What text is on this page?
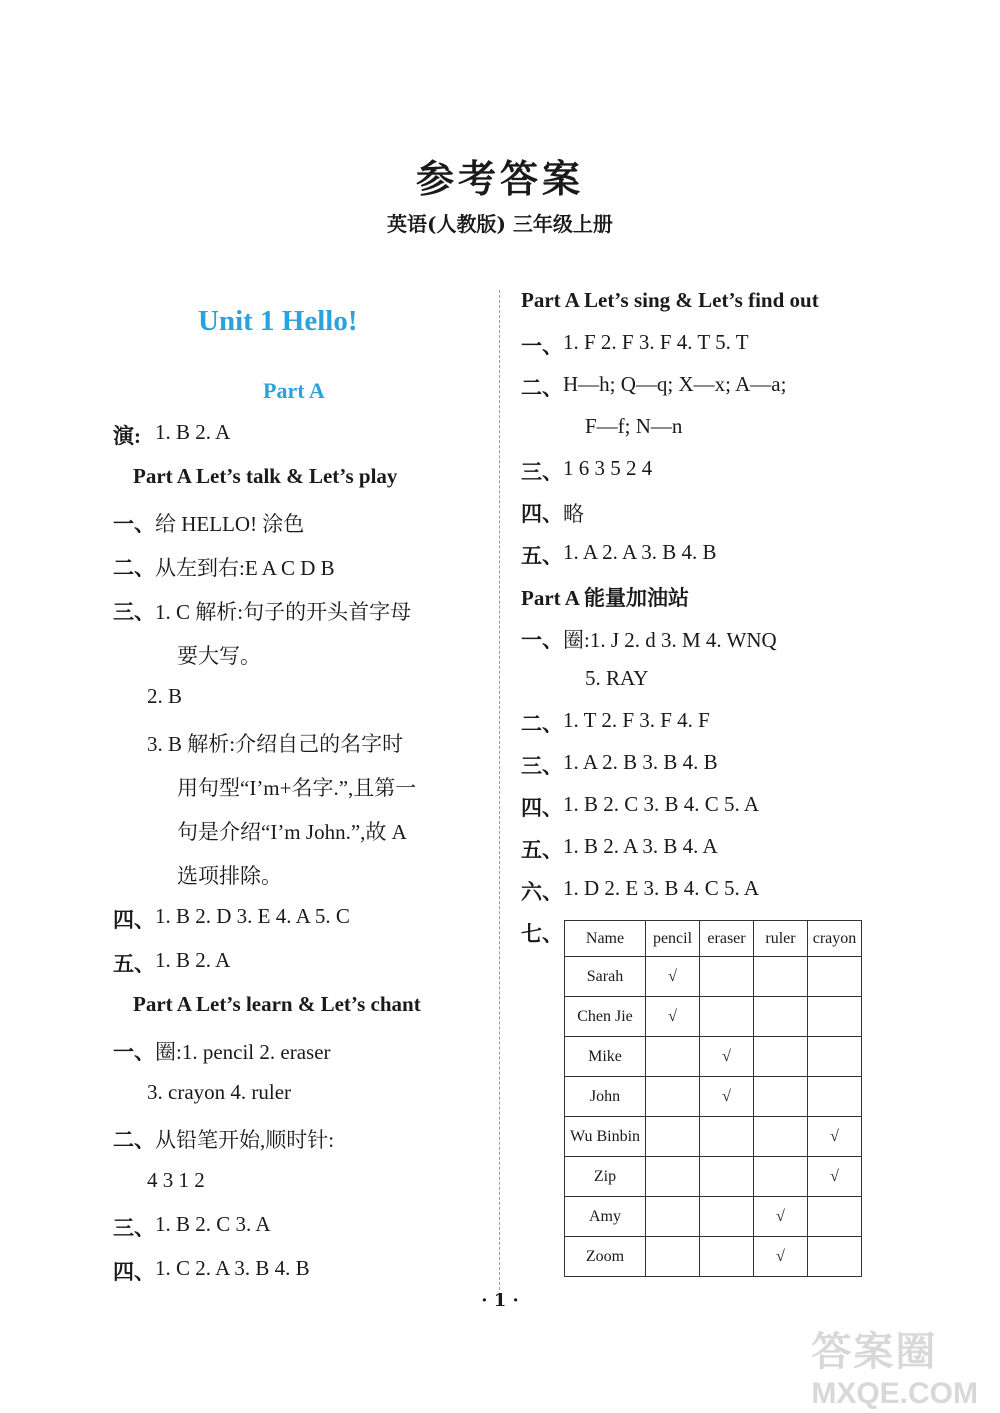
参考答案
英语(人教版) 三年级上册
Unit 1 Hello!
Part A
演: 1. B 2. A
Part A Let’s talk & Let’s play
一、 给 HELLO! 涂色
二、 从左到右:E A C D B
三、 1. C 解析:句子的开头首字母
要大写。
2. B
3. B 解析:介绍自己的名字时
用句型“I’m+名字.”,且第一
句是介绍“I’m John.”,故 A
选项排除。
四、 1. B 2. D 3. E 4. A 5. C
五、 1. B 2. A
Part A Let’s learn & Let’s chant
一、 圈:1. pencil 2. eraser
3. crayon 4. ruler
二、 从铅笔开始,顺时针:
4 3 1 2
三、 1. B 2. C 3. A
四、 1. C 2. A 3. B 4. B
Part A Let’s sing & Let’s find out
一、 1. F 2. F 3. F 4. T 5. T
二、 H—h; Q—q; X—x; A—a;
F—f; N—n
三、 1 6 3 5 2 4
四、 略
五、 1. A 2. A 3. B 4. B
Part A 能量加油站
一、 圈:1. J 2. d 3. M 4. WNQ
5. RAY
二、 1. T 2. F 3. F 4. F
三、 1. A 2. B 3. B 4. B
四、 1. B 2. C 3. B 4. C 5. A
五、 1. B 2. A 3. B 4. A
六、 1. D 2. E 3. B 4. C 5. A
七、 Name	pencil	eraser	ruler	crayon
Sarah	√			
Chen Jie	√			
Mike		√		
John		√		
Wu Binbin				√
Zip				√
Amy			√	
Zoom			√	
· 1 ·
答案圈
MXQE.COM
